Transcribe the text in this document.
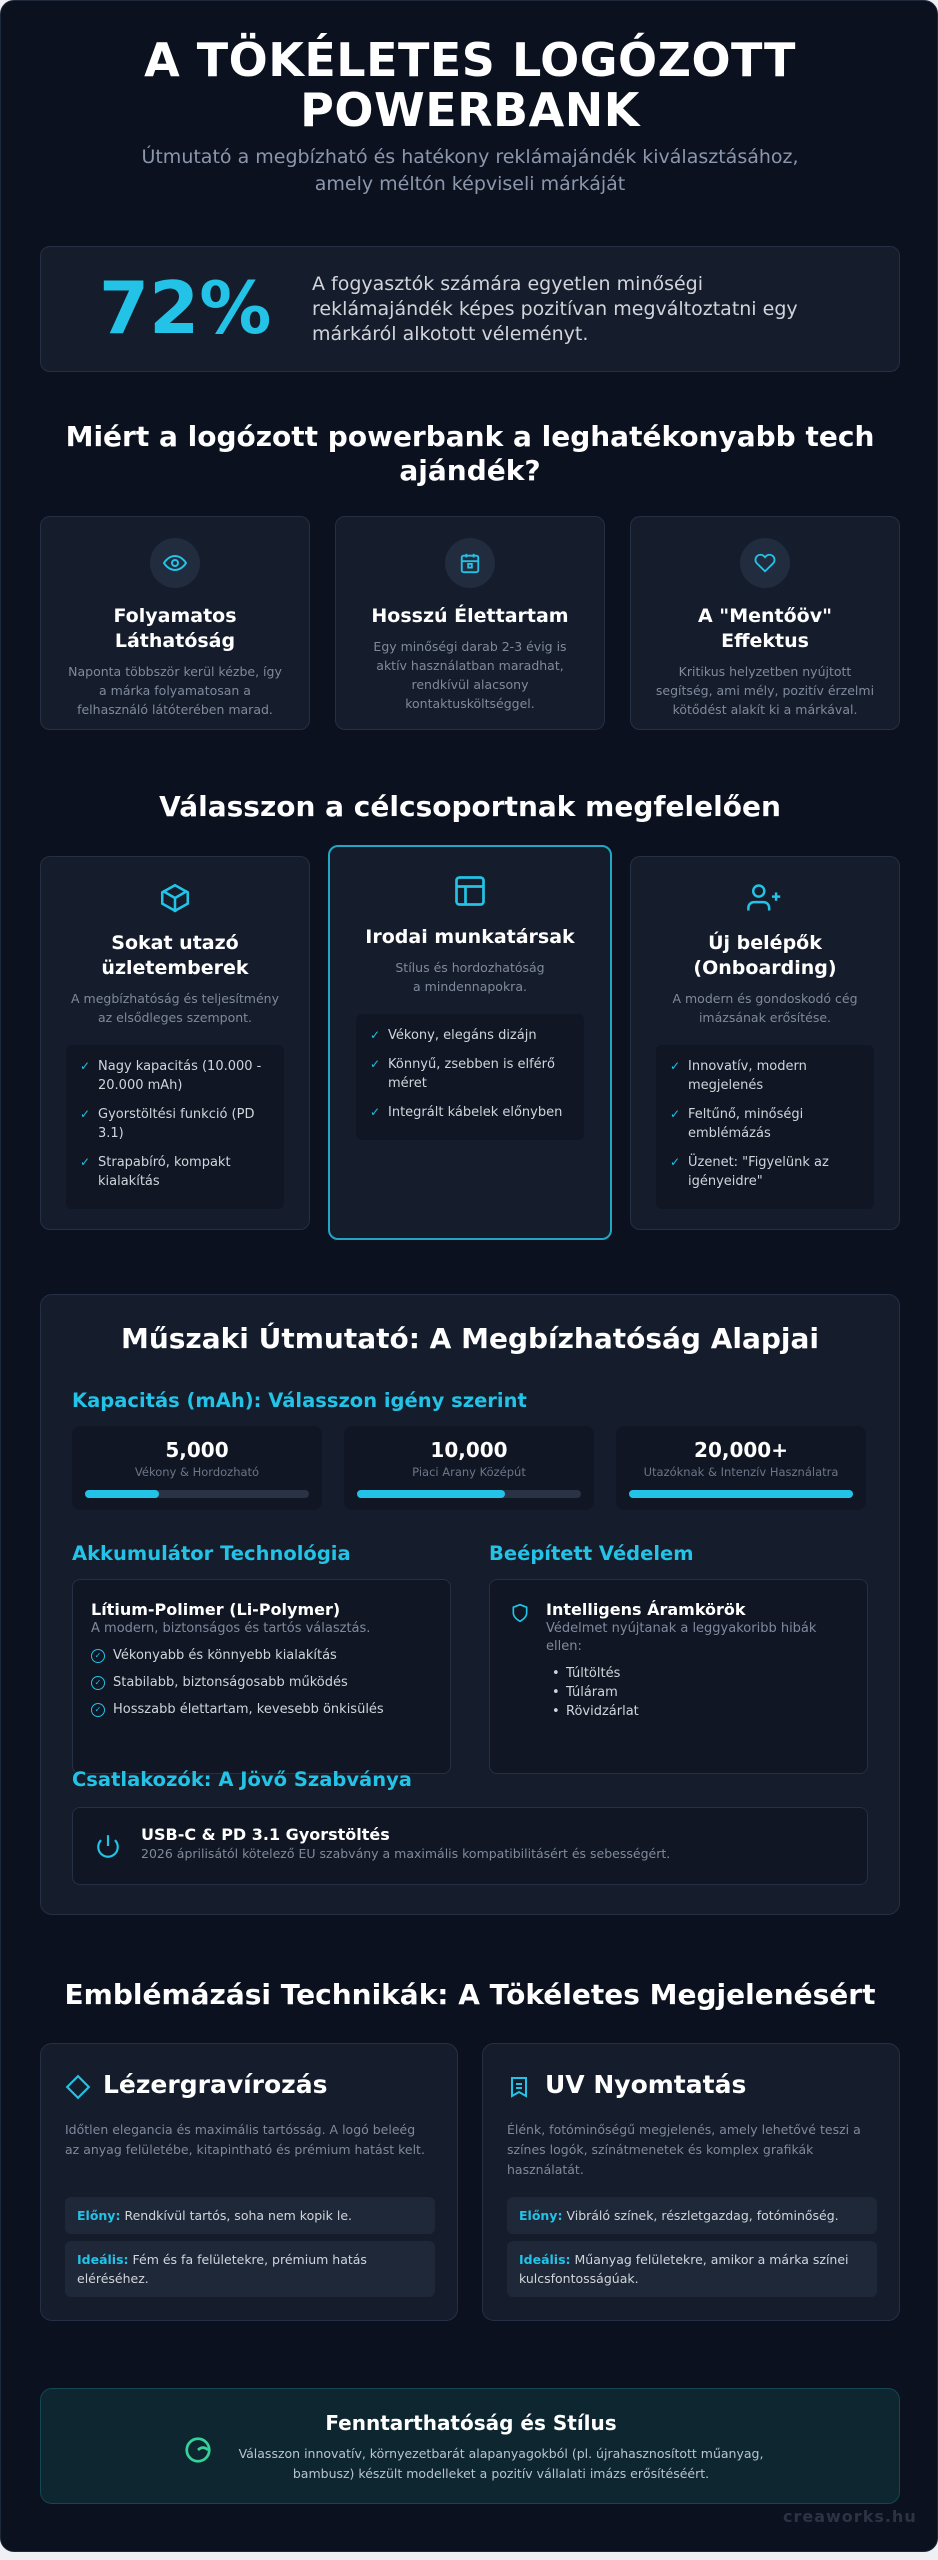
A TÖKÉLETES LOGÓZOTT
POWERBANK
Útmutató a megbízható és hatékony reklámajándék kiválasztásához,
amely méltón képviseli márkáját
72% A fogyasztók számára egyetlen minőségi reklámajándék képes pozitívan megváltoztatni egy márkáról alkotott véleményt.
Miért a logózott powerbank a leghatékonyabb tech
ajándék?
Folyamatos Láthatóság
Naponta többször kerül kézbe, így a márka folyamatosan a felhasználó látóterében marad.
Hosszú Élettartam
Egy minőségi darab 2-3 évig is aktív használatban maradhat, rendkívül alacsony kontaktusköltséggel.
A "Mentőöv" Effektus
Kritikus helyzetben nyújtott segítség, ami mély, pozitív érzelmi kötődést alakít ki a márkával.
Válasszon a célcsoportnak megfelelően
Sokat utazó üzletemberek
A megbízhatóság és teljesítmény az elsődleges szempont.
✓ Nagy kapacitás (10.000 - 20.000 mAh)
✓ Gyorstöltési funkció (PD 3.1)
✓ Strapabíró, kompakt kialakítás
Irodai munkatársak
Stílus és hordozhatóság a mindennapokra.
✓ Vékony, elegáns dizájn
✓ Könnyű, zsebben is elférő méret
✓ Integrált kábelek előnyben
Új belépők (Onboarding)
A modern és gondoskodó cég imázsának erősítése.
✓ Innovatív, modern megjelenés
✓ Feltűnő, minőségi emblémázás
✓ Üzenet: "Figyelünk az igényeidre"
Műszaki Útmutató: A Megbízhatóság Alapjai
Kapacitás (mAh): Válasszon igény szerint
5,000
Vékony & Hordozható
10,000
Piaci Arany Középút
20,000+
Utazóknak & Intenzív Használatra
Akkumulátor Technológia
Lítium-Polimer (Li-Polymer)
A modern, biztonságos és tartós választás.
✓ Vékonyabb és könnyebb kialakítás
✓ Stabilabb, biztonságosabb működés
✓ Hosszabb élettartam, kevesebb önkisülés
Beépített Védelem
Intelligens Áramkörök
Védelmet nyújtanak a leggyakoribb hibák ellen:
• Túltöltés
• Túláram
• Rövidzárlat
Csatlakozók: A Jövő Szabványa
USB-C & PD 3.1 Gyorstöltés
2026 áprilisától kötelező EU szabvány a maximális kompatibilitásért és sebességért.
Emblémázási Technikák: A Tökéletes Megjelenésért
Lézergravírozás
Időtlen elegancia és maximális tartósság. A logó beleég az anyag felületébe, kitapintható és prémium hatást kelt.
Előny: Rendkívül tartós, soha nem kopik le.
Ideális: Fém és fa felületekre, prémium hatás eléréséhez.
UV Nyomtatás
Élénk, fotóminőségű megjelenés, amely lehetővé teszi a színes logók, színátmenetek és komplex grafikák használatát.
Előny: Vibráló színek, részletgazdag, fotóminőség.
Ideális: Műanyag felületekre, amikor a márka színei kulcsfontosságúak.
Fenntarthatóság és Stílus
Válasszon innovatív, környezetbarát alapanyagokból (pl. újrahasznosított műanyag, bambusz) készült modelleket a pozitív vállalati imázs erősítéséért.
creaworks.hu
